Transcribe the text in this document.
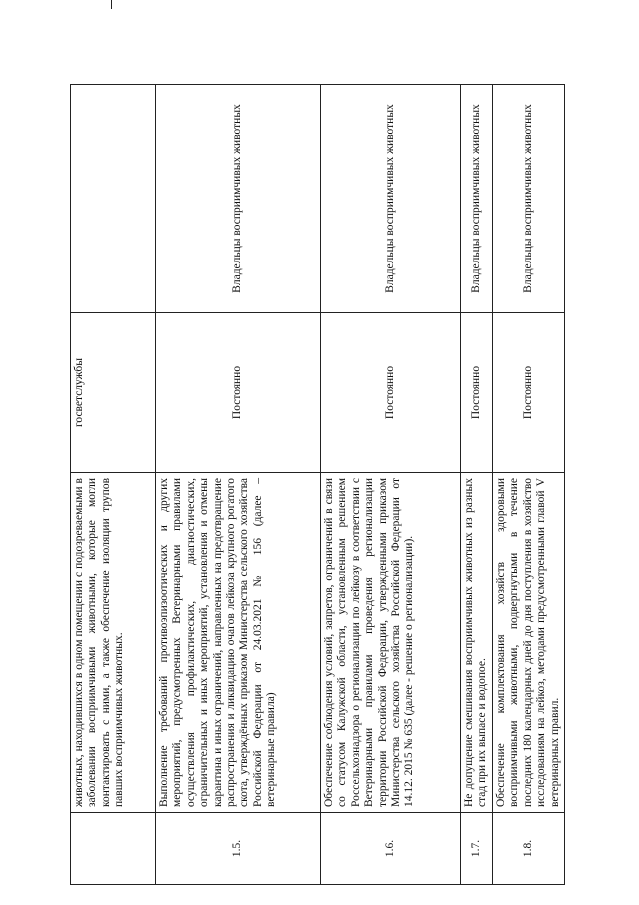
	животных, находившихся в одном помещении с подозреваемыми в заболевании восприимчивыми животными, которые могли контактировать с ними, а также обеспечение изоляции трупов павших восприимчивых животных.	госветслужбы	
1.5.	Выполнение требований противоэпизоотических и других мероприятий, предусмотренных Ветеринарными правилами осуществления профилактических, диагностических, ограничительных и иных мероприятий, установления и отмены карантина и иных ограничений, направленных на предотвращение распространения и ликвидацию очагов лейкоза крупного рогатого скота, утверждённых приказом Министерства сельского хозяйства Российской Федерации от 24.03.2021 № 156 (далее – ветеринарные правила)	Постоянно	Владельцы восприимчивых животных
1.6.	Обеспечение соблюдения условий, запретов, ограничений в связи со статусом Калужской области, установленным решением Россельхознадзора о регионализации по лейкозу в соответствии с Ветеринарными правилами проведения регионализации территории Российской Федерации, утвержденными приказом Министерства сельского хозяйства Российской Федерации от 14.12. 2015 № 635 (далее - решение о регионализации).	Постоянно	Владельцы восприимчивых животных
1.7.	Не допущение смешивания восприимчивых животных из разных стад при их выпасе и водопое.	Постоянно	Владельцы восприимчивых животных
1.8.	Обеспечение комплектования хозяйств здоровыми восприимчивыми животными, подвергнутыми в течение последних 180 календарных дней до дня поступления в хозяйство исследованиям на лейкоз, методами предусмотренными главой V ветеринарных правил.	Постоянно	Владельцы восприимчивых животных
